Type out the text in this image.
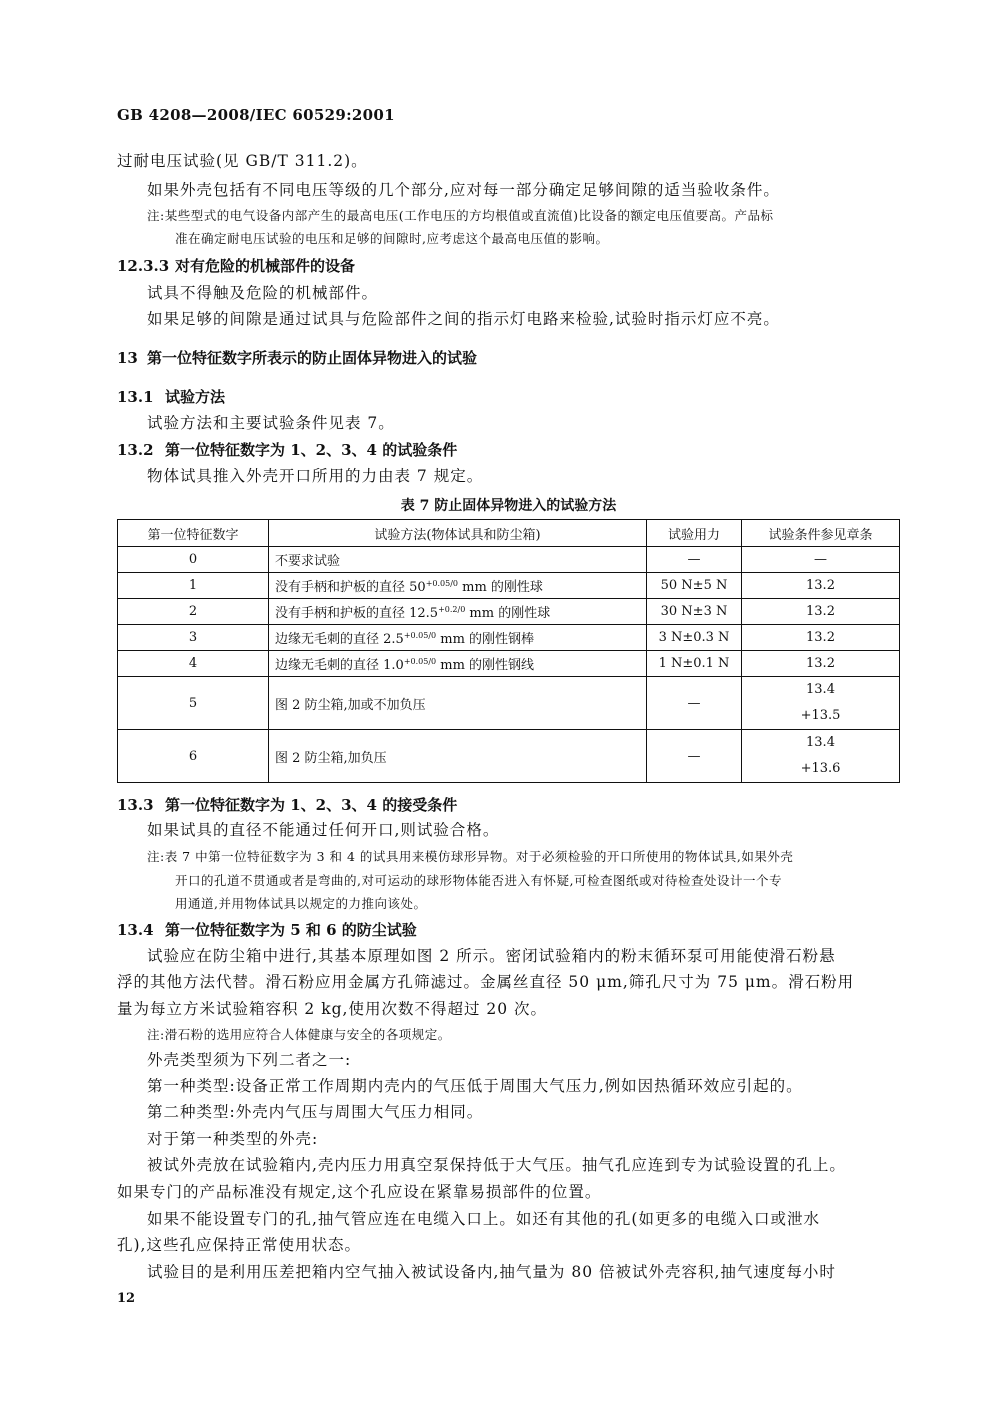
GB 4208—2008/IEC 60529:2001
过耐电压试验(见 GB/T 311.2)。
如果外壳包括有不同电压等级的几个部分,应对每一部分确定足够间隙的适当验收条件。
注:某些型式的电气设备内部产生的最高电压(工作电压的方均根值或直流值)比设备的额定电压值要高。产品标
准在确定耐电压试验的电压和足够的间隙时,应考虑这个最高电压值的影响。
12.3.3 对有危险的机械部件的设备
试具不得触及危险的机械部件。
如果足够的间隙是通过试具与危险部件之间的指示灯电路来检验,试验时指示灯应不亮。
13 第一位特征数字所表示的防止固体异物进入的试验
13.1 试验方法
试验方法和主要试验条件见表 7。
13.2 第一位特征数字为 1、2、3、4 的试验条件
物体试具推入外壳开口所用的力由表 7 规定。
表 7 防止固体异物进入的试验方法
第一位特征数字	试验方法(物体试具和防尘箱)	试验用力	试验条件参见章条
0	不要求试验	—	—
1	没有手柄和护板的直径 $50^{+0.05/0}$ mm 的刚性球	50 N±5 N	13.2
2	没有手柄和护板的直径 $12.5^{+0.2/0}$ mm 的刚性球	30 N±3 N	13.2
3	边缘无毛刺的直径 $2.5^{+0.05/0}$ mm 的刚性钢棒	3 N±0.3 N	13.2
4	边缘无毛刺的直径 $1.0^{+0.05/0}$ mm 的刚性钢线	1 N±0.1 N	13.2
5	图 2 防尘箱,加或不加负压	—	13.4
+13.5

6	图 2 防尘箱,加负压	—	13.4
+13.6
13.3 第一位特征数字为 1、2、3、4 的接受条件
如果试具的直径不能通过任何开口,则试验合格。
注:表 7 中第一位特征数字为 3 和 4 的试具用来模仿球形异物。对于必须检验的开口所使用的物体试具,如果外壳
开口的孔道不贯通或者是弯曲的,对可运动的球形物体能否进入有怀疑,可检查图纸或对待检查处设计一个专
用通道,并用物体试具以规定的力推向该处。
13.4 第一位特征数字为 5 和 6 的防尘试验
试验应在防尘箱中进行,其基本原理如图 2 所示。密闭试验箱内的粉末循环泵可用能使滑石粉悬
浮的其他方法代替。滑石粉应用金属方孔筛滤过。金属丝直径 50 μm,筛孔尺寸为 75 μm。滑石粉用
量为每立方米试验箱容积 2 kg,使用次数不得超过 20 次。
注:滑石粉的选用应符合人体健康与安全的各项规定。
外壳类型须为下列二者之一:
第一种类型:设备正常工作周期内壳内的气压低于周围大气压力,例如因热循环效应引起的。
第二种类型:外壳内气压与周围大气压力相同。
对于第一种类型的外壳:
被试外壳放在试验箱内,壳内压力用真空泵保持低于大气压。抽气孔应连到专为试验设置的孔上。
如果专门的产品标准没有规定,这个孔应设在紧靠易损部件的位置。
如果不能设置专门的孔,抽气管应连在电缆入口上。如还有其他的孔(如更多的电缆入口或泄水
孔),这些孔应保持正常使用状态。
试验目的是利用压差把箱内空气抽入被试设备内,抽气量为 80 倍被试外壳容积,抽气速度每小时
12
